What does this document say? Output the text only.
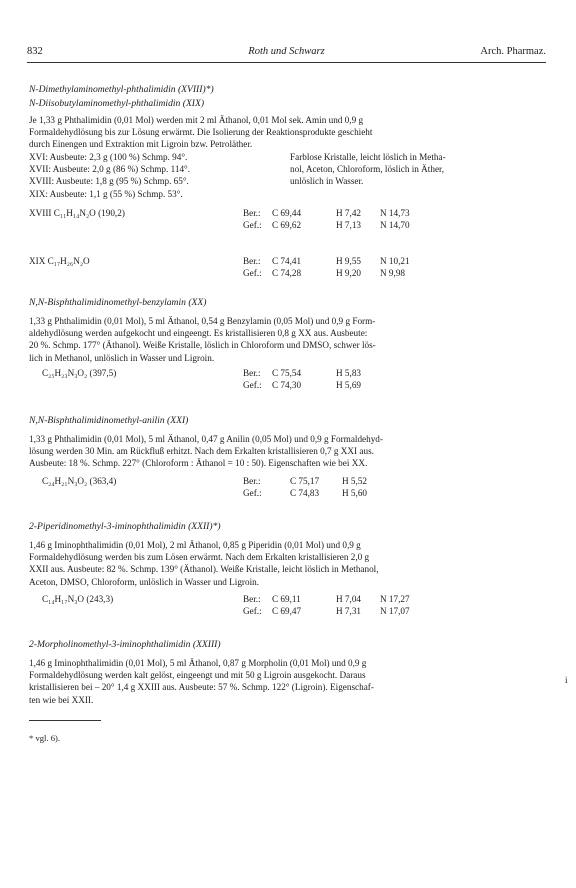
832	Roth und Schwarz	Arch. Pharmaz.
N-Dimethylaminomethyl-phthalimidin (XVIII)*)
N-Diisobutylaminomethyl-phthalimidin (XIX)
Je 1,33 g Phthalimidin (0,01 Mol) werden mit 2 ml Äthanol, 0,01 Mol sek. Amin und 0,9 g
Formaldehydlösung bis zur Lösung erwärmt. Die Isolierung der Reaktionsprodukte geschieht
durch Einengen und Extraktion mit Ligroin bzw. Petroläther.
XVI: Ausbeute: 2,3 g (100 %) Schmp. 94°.
XVII: Ausbeute: 2,0 g (86 %) Schmp. 114°.
XVIII: Ausbeute: 1,8 g (95 %) Schmp. 65°.
XIX: Ausbeute: 1,1 g (55 %) Schmp. 53°.
Farblose Kristalle, leicht löslich in Metha-
nol, Aceton, Chloroform, löslich in Äther,
unlöslich in Wasser.
XVIII C₁₁H₁₄N₂O (190,2)	Ber.: C 69,44	H 7,42 N 14,73
Gef.: C 69,62	H 7,13 N 14,70
XIX C₁₇H₂₆N₂O	Ber.: C 74,41	H 9,55 N 10,21
Gef.: C 74,28	H 9,20 N 9,98
N,N-Bisphthalimidinomethyl-benzylamin (XX)
1,33 g Phthalimidin (0,01 Mol), 5 ml Äthanol, 0,54 g Benzylamin (0,05 Mol) und 0,9 g Form-
aldehydlösung werden aufgekocht und eingeengt. Es kristallisieren 0,8 g XX aus. Ausbeute:
20 %. Schmp. 177° (Äthanol). Weiße Kristalle, löslich in Chloroform und DMSO, schwer lös-
lich in Methanol, unlöslich in Wasser und Ligroin.
C₂₅H₂₃N₃O₂ (397,5)	Ber.: C 75,54	H 5,83
Gef.: C 74,30	H 5,69
N,N-Bisphthalimidinomethyl-anilin (XXI)
1,33 g Phthalimidin (0,01 Mol), 5 ml Äthanol, 0,47 g Anilin (0,05 Mol) und 0,9 g Formaldehyd-
lösung werden 30 Min. am Rückfluß erhitzt. Nach dem Erkalten kristallisieren 0,7 g XXI aus.
Ausbeute: 18 %. Schmp. 227° (Chloroform : Äthanol = 10 : 50). Eigenschaften wie bei XX.
C₂₄H₂₁N₃O₂ (363,4)	Ber.:	C 75,17 H 5,52
Gef.:	C 74,83 H 5,60
2-Piperidinomethyl-3-iminophthalimidin (XXII)*)
1,46 g Iminophthalimidin (0,01 Mol), 2 ml Äthanol, 0,85 g Piperidin (0,01 Mol) und 0,9 g
Formaldehydlösung werden bis zum Lösen erwärmt. Nach dem Erkalten kristallisieren 2,0 g
XXII aus. Ausbeute: 82 %. Schmp. 139° (Äthanol). Weiße Kristalle, leicht löslich in Methanol,
Aceton, DMSO, Chloroform, unlöslich in Wasser und Ligroin.
C₁₄H₁₇N₃O (243,3)	Ber.: C 69,11	H 7,04 N 17,27
Gef.: C 69,47	H 7,31 N 17,07
2-Morpholinomethyl-3-iminophthalimidin (XXIII)
1,46 g Iminophthalimidin (0,01 Mol), 5 ml Äthanol, 0,87 g Morpholin (0,01 Mol) und 0,9 g
Formaldehydlösung werden kalt gelöst, eingeengt und mit 50 g Ligroin ausgekocht. Daraus
kristallisieren bei – 20° 1,4 g XXIII aus. Ausbeute: 57 %. Schmp. 122° (Ligroin). Eigenschaf-
ten wie bei XXII.
i
* vgl. 6).
